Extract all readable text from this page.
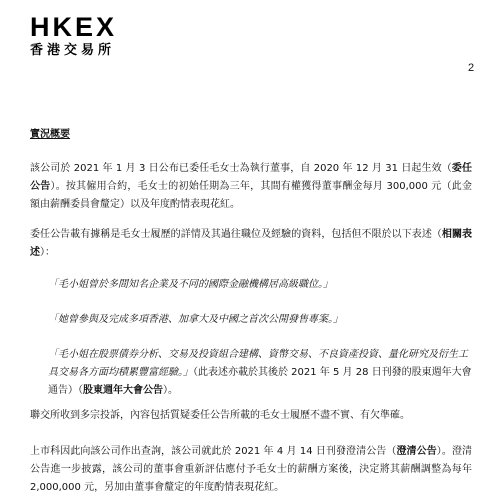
HKEX
香港交易所
2
實況概要

該公司於 2021 年 1 月 3 日公布已委任毛女士為執行董事，自 2020 年 12 月 31 日起生效（委任公告）。按其僱用合約，毛女士的初始任期為三年，其間有權獲得董事酬金每月 300,000 元（此金額由薪酬委員會釐定）以及年度酌情表現花紅。

委任公告載有據稱是毛女士履歷的詳情及其過往職位及經驗的資料，包括但不限於以下表述（相關表述）：

「毛小姐曾於多間知名企業及不同的國際金融機構居高級職位。」

「她曾參與及完成多項香港、加拿大及中國之首次公開發售專案。」

「毛小姐在股票債券分析、交易及投資組合建構、資幣交易、不良資產投資、量化研究及衍生工具交易各方面均積累豐富經驗。」（此表述亦載於其後於 2021 年 5 月 28 日刊發的股東週年大會通告）（股東週年大會公告）。

聯交所收到多宗投訴，內容包括質疑委任公告所載的毛女士履歷不盡不實、有欠準確。

上市科因此向該公司作出查詢，該公司就此於 2021 年 4 月 14 日刊發澄清公告（澄清公告）。澄清公告進一步披露，該公司的董事會重新評估應付予毛女士的薪酬方案後，決定將其薪酬調整為每年 2,000,000 元，另加由董事會釐定的年度酌情表現花紅。
